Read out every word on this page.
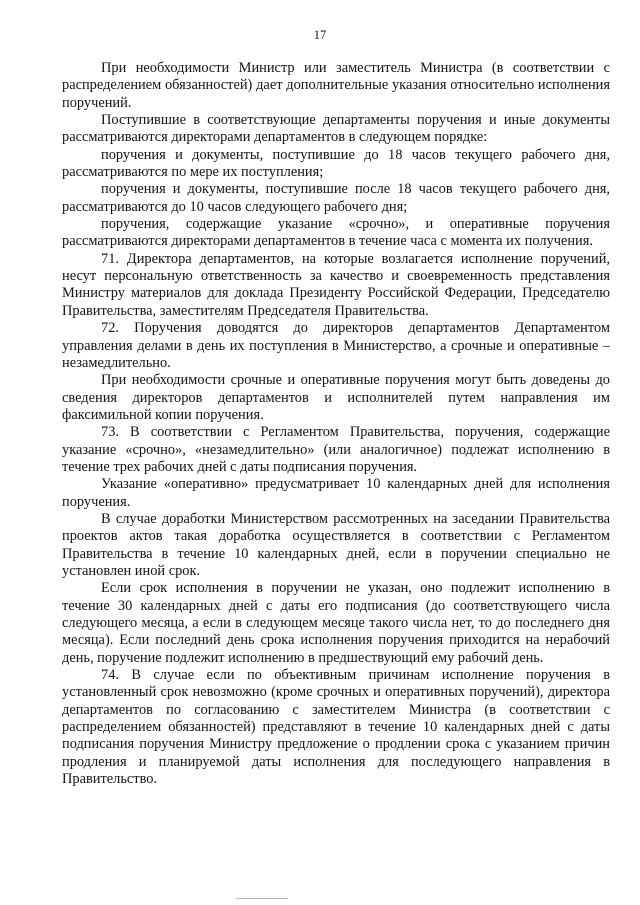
17

При необходимости Министр или заместитель Министра (в соответствии с распределением обязанностей) дает дополнительные указания относительно исполнения поручений.

Поступившие в соответствующие департаменты поручения и иные документы рассматриваются директорами департаментов в следующем порядке:

поручения и документы, поступившие до 18 часов текущего рабочего дня, рассматриваются по мере их поступления;

поручения и документы, поступившие после 18 часов текущего рабочего дня, рассматриваются до 10 часов следующего рабочего дня;

поручения, содержащие указание «срочно», и оперативные поручения рассматриваются директорами департаментов в течение часа с момента их получения.

71. Директора департаментов, на которые возлагается исполнение поручений, несут персональную ответственность за качество и своевременность представления Министру материалов для доклада Президенту Российской Федерации, Председателю Правительства, заместителям Председателя Правительства.

72. Поручения доводятся до директоров департаментов Департаментом управления делами в день их поступления в Министерство, а срочные и оперативные – незамедлительно.

При необходимости срочные и оперативные поручения могут быть доведены до сведения директоров департаментов и исполнителей путем направления им факсимильной копии поручения.

73. В соответствии с Регламентом Правительства, поручения, содержащие указание «срочно», «незамедлительно» (или аналогичное) подлежат исполнению в течение трех рабочих дней с даты подписания поручения.

Указание «оперативно» предусматривает 10 календарных дней для исполнения поручения.

В случае доработки Министерством рассмотренных на заседании Правительства проектов актов такая доработка осуществляется в соответствии с Регламентом Правительства в течение 10 календарных дней, если в поручении специально не установлен иной срок.

Если срок исполнения в поручении не указан, оно подлежит исполнению в течение 30 календарных дней с даты его подписания (до соответствующего числа следующего месяца, а если в следующем месяце такого числа нет, то до последнего дня месяца). Если последний день срока исполнения поручения приходится на нерабочий день, поручение подлежит исполнению в предшествующий ему рабочий день.

74. В случае если по объективным причинам исполнение поручения в установленный срок невозможно (кроме срочных и оперативных поручений), директора департаментов по согласованию с заместителем Министра (в соответствии с распределением обязанностей) представляют в течение 10 календарных дней с даты подписания поручения Министру предложение о продлении срока с указанием причин продления и планируемой даты исполнения для последующего направления в Правительство.
